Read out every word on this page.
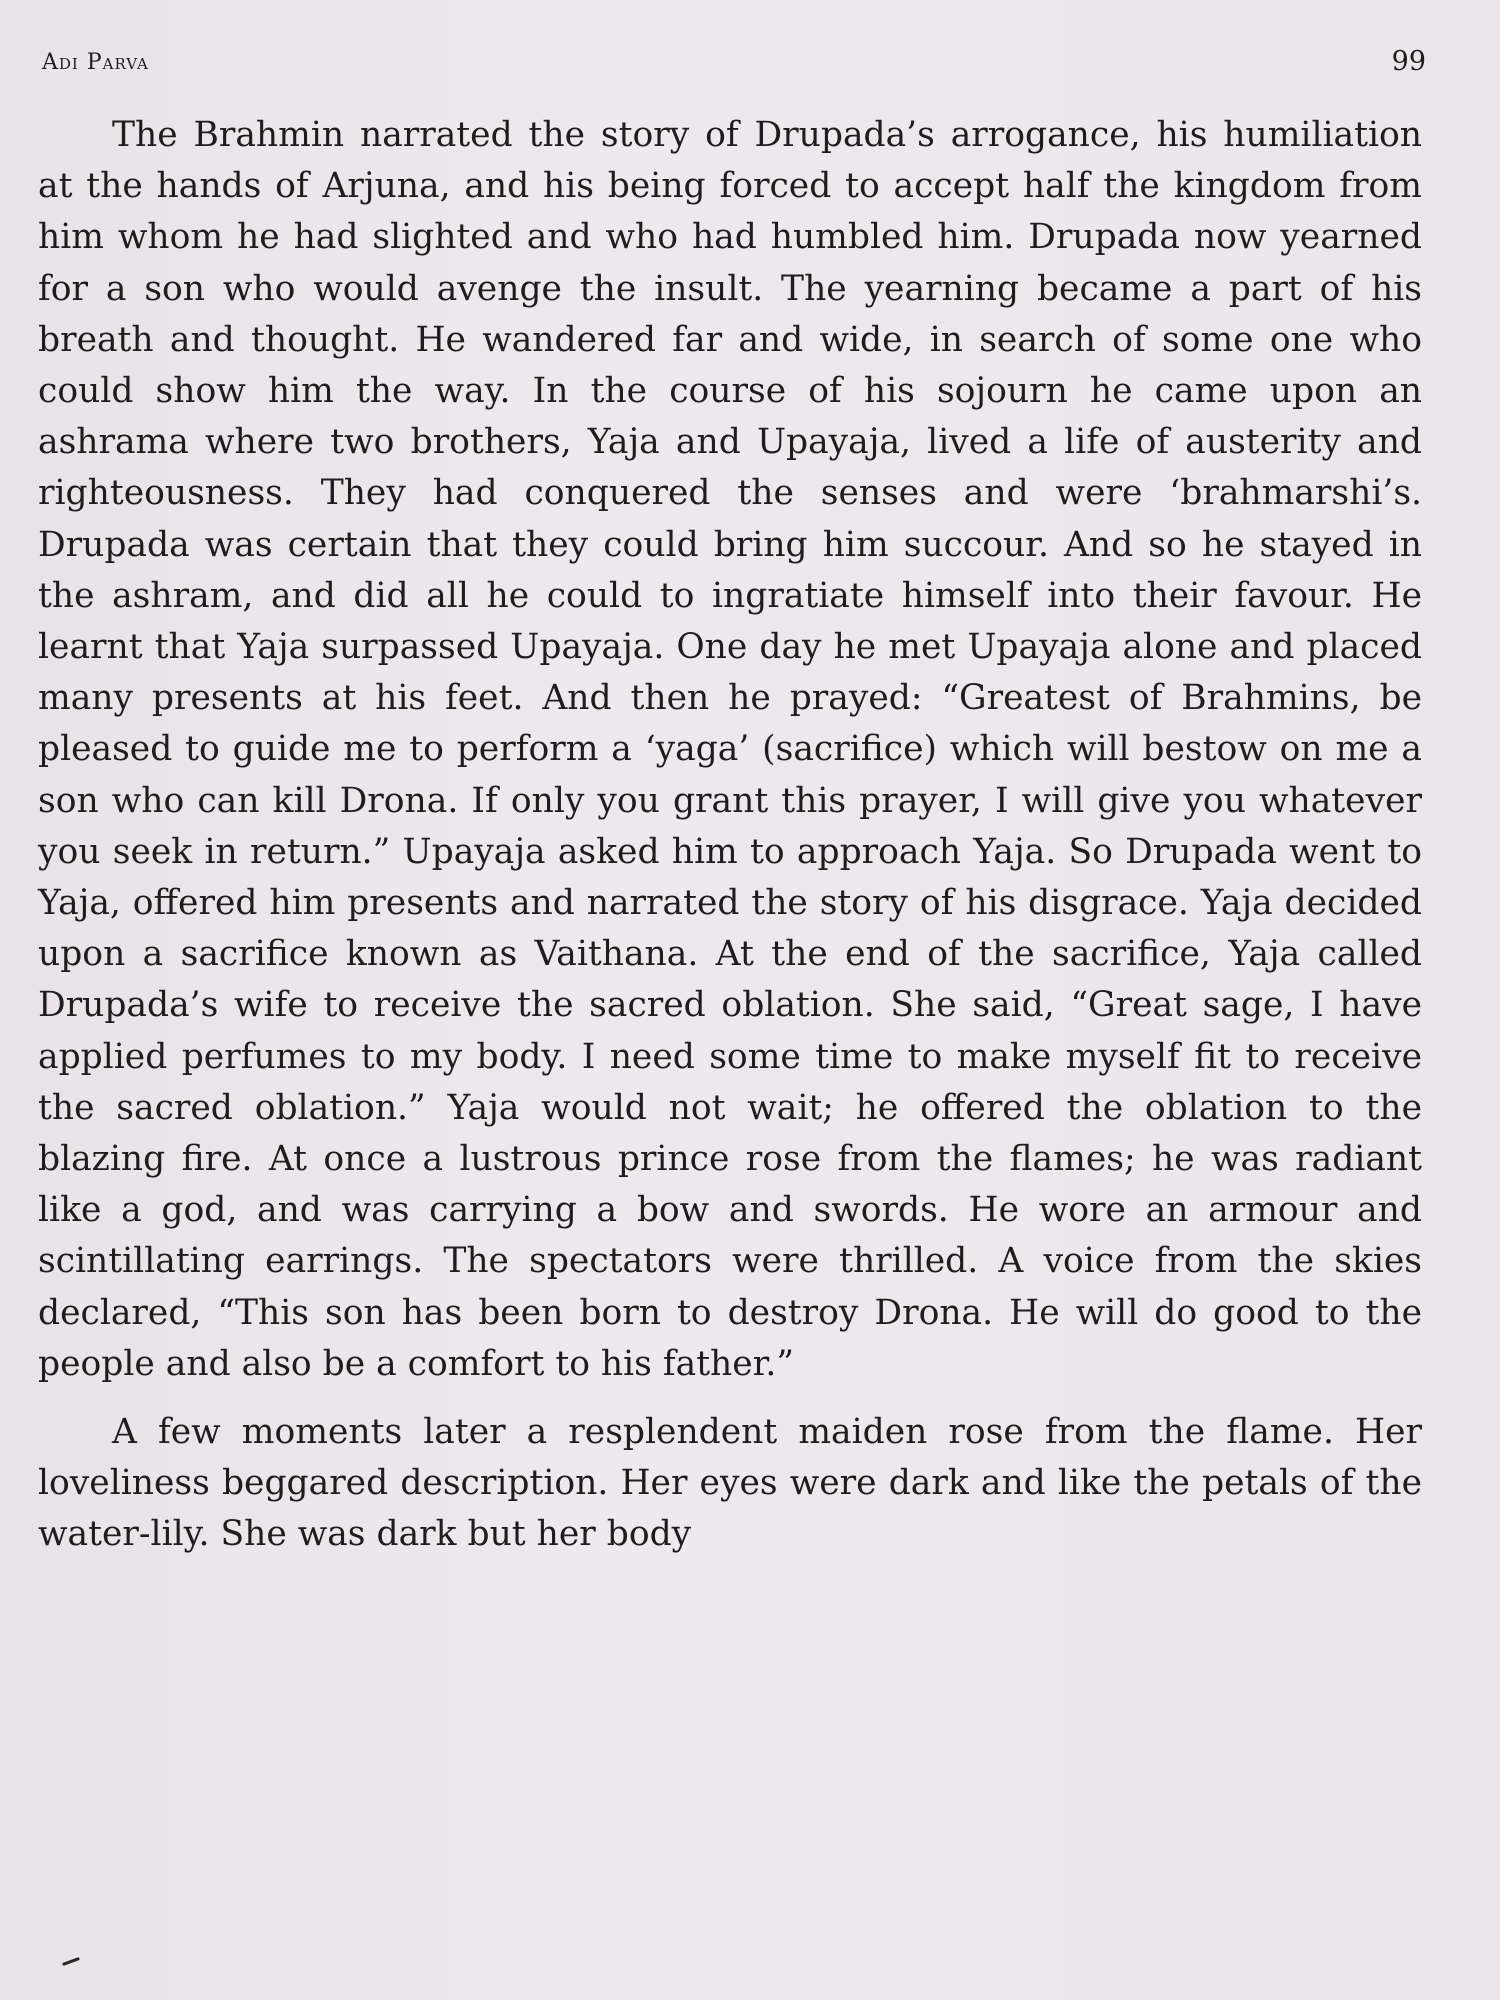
Adi Parva	99

The Brahmin narrated the story of Drupada’s arrogance, his humiliation at the hands of Arjuna, and his being forced to accept half the kingdom from him whom he had slighted and who had humbled him. Drupada now yearned for a son who would avenge the insult. The yearning became a part of his breath and thought. He wandered far and wide, in search of some one who could show him the way. In the course of his sojourn he came upon an ashrama where two brothers, Yaja and Upayaja, lived a life of austerity and righteousness. They had conquered the senses and were ‘brahmarshi’s. Drupada was certain that they could bring him succour. And so he stayed in the ashram, and did all he could to ingratiate himself into their favour. He learnt that Yaja surpassed Upayaja. One day he met Upayaja alone and placed many presents at his feet. And then he prayed: “Greatest of Brahmins, be pleased to guide me to perform a ‘yaga’ (sacrifice) which will bestow on me a son who can kill Drona. If only you grant this prayer, I will give you whatever you seek in return.” Upayaja asked him to approach Yaja. So Drupada went to Yaja, offered him presents and narrated the story of his disgrace. Yaja decided upon a sacrifice known as Vaithana. At the end of the sacrifice, Yaja called Drupada’s wife to receive the sacred oblation. She said, “Great sage, I have applied perfumes to my body. I need some time to make myself fit to receive the sacred oblation.” Yaja would not wait; he offered the oblation to the blazing fire. At once a lustrous prince rose from the flames; he was radiant like a god, and was carrying a bow and swords. He wore an armour and scintillating earrings. The spectators were thrilled. A voice from the skies declared, “This son has been born to destroy Drona. He will do good to the people and also be a comfort to his father.”

A few moments later a resplendent maiden rose from the flame. Her loveliness beggared description. Her eyes were dark and like the petals of the water-lily. She was dark but her body
